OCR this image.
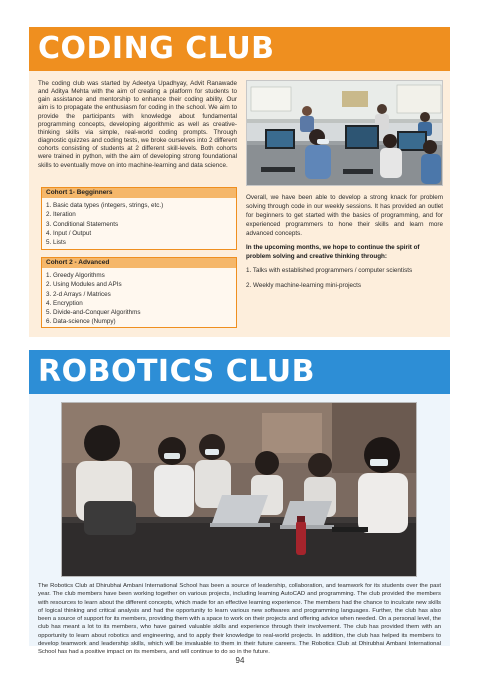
CODING CLUB

The coding club was started by Adeetya Upadhyay, Advit Ranawade and Aditya Mehta with the aim of creating a platform for students to gain assistance and mentorship to enhance their coding ability. Our aim is to propagate the enthusiasm for coding in the school. We aim to provide the participants with knowledge about fundamental programming concepts, developing algorithmic as well as creative-thinking skills via simple, real-world coding prompts. Through diagnostic quizzes and coding tests, we broke ourselves into 2 different cohorts consisting of students at 2 different skill-levels. Both cohorts were trained in python, with the aim of developing strong foundational skills to eventually move on into machine-learning and data science.

Cohort 1- Begginners
1. Basic data types (integers, strings, etc.)
2. Iteration
3. Conditional Statements
4. Input / Output
5. Lists
Cohort 2 - Advanced
1. Greedy Algorithms
2. Using Modules and APIs
3. 2-d Arrays / Matrices
4. Encryption
5. Divide-and-Conquer Algorithms
6. Data-science (Numpy)

Overall, we have been able to develop a strong knack for problem solving through code in our weekly sessions. It has provided an outlet for beginners to get started with the basics of programming, and for experienced programmers to hone their skills and learn more advanced concepts.

In the upcoming months, we hope to continue the spirit of problem solving and creative thinking through:

1. Talks with established programmers / computer scientists

2. Weekly machine-learning mini-projects

ROBOTICS CLUB

The Robotics Club at Dhirubhai Ambani International School has been a source of leadership, collaboration, and teamwork for its students over the past year. The club members have been working together on various projects, including learning AutoCAD and programming. The club provided the members with resources to learn about the different concepts, which made for an effective learning experience. The members had the chance to inculcate new skills of logical thinking and critical analysis and had the opportunity to learn various new softwares and programming languages. Further, the club has also been a source of support for its members, providing them with a space to work on their projects and offering advice when needed. On a personal level, the club has meant a lot to its members, who have gained valuable skills and experience through their involvement. The club has provided them with an opportunity to learn about robotics and engineering, and to apply their knowledge to real-world projects. In addition, the club has helped its members to develop teamwork and leadership skills, which will be invaluable to them in their future careers. The Robotics Club at Dhirubhai Ambani International School has had a positive impact on its members, and will continue to do so in the future.

94
